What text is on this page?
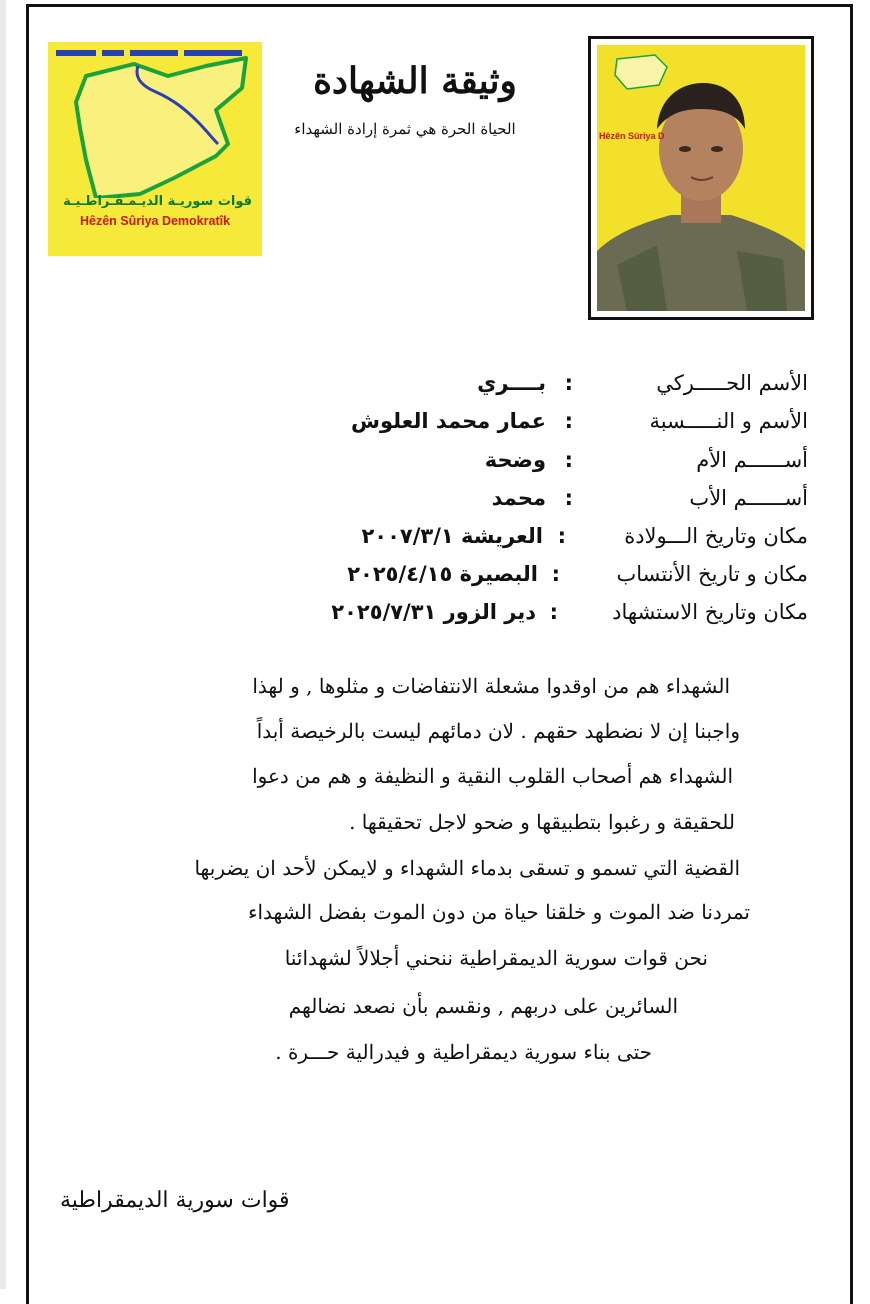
قوات سوريـة الديـمـقـراطـيـة
Hêzên Sûriya Demokratîk
وثيقة الشهادة
الحياة الحرة هي ثمرة إرادة الشهداء	Hêzên Sûriya D
الأسم الحـــــركي
:
بــــري
الأسم و النـــــسبة
:
عمار محمد العلوش
أســــــم الأم
:
وضحة
أســــــم الأب
:
محمد
مكان وتاريخ الـــولادة
:
العريشة ٢٠٠٧/٣/١
مكان و تاريخ الأنتساب
:
البصيرة ٢٠٢٥/٤/١٥
مكان وتاريخ الاستشهاد
:
دير الزور ٢٠٢٥/٧/٣١
الشهداء هم من اوقدوا مشعلة الانتفاضات و مثلوها , و لهذا
واجبنا إن لا نضطهد حقهم . لان دمائهم ليست بالرخيصة أبداً
الشهداء هم أصحاب القلوب النقية و النظيفة و هم من دعوا
للحقيقة و رغبوا بتطبيقها و ضحو لاجل تحقيقها .
القضية التي تسمو و تسقى بدماء الشهداء و لايمكن لأحد ان يضربها
تمردنا ضد الموت و خلقنا حياة من دون الموت بفضل الشهداء
نحن قوات سورية الديمقراطية ننحني أجلالاً لشهدائنا
السائرين على دربهم , ونقسم بأن نصعد نضالهم
حتى بناء سورية ديمقراطية و فيدرالية حـــرة .
قوات سورية الديمقراطية
